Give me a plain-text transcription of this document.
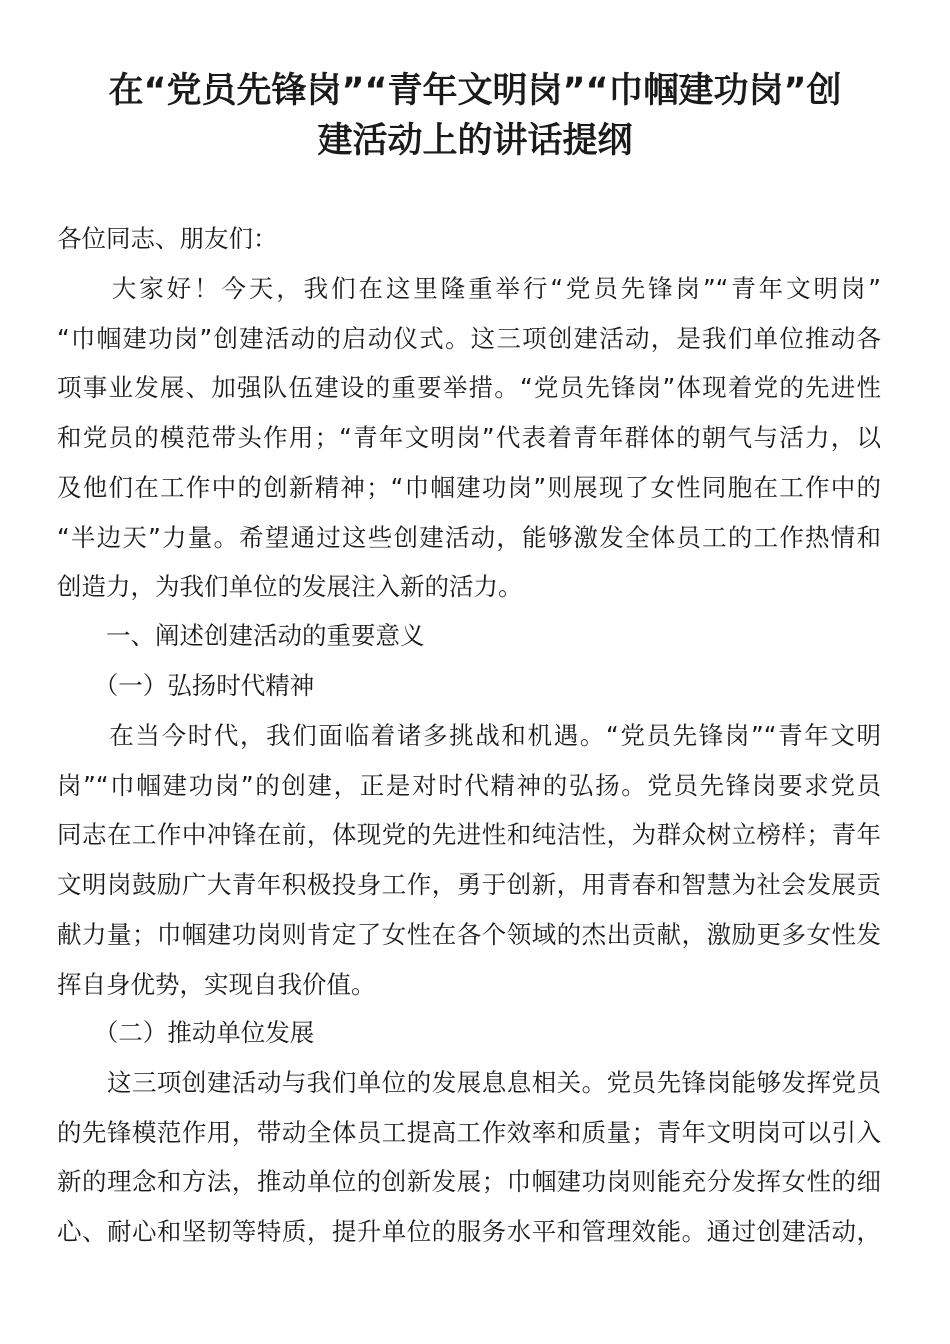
在“党员先锋岗”“青年文明岗”“巾帼建功岗”创
建活动上的讲话提纲
各位同志、朋友们：
　　大家好！今天，我们在这里隆重举行“党员先锋岗”“青年文明岗”
“巾帼建功岗”创建活动的启动仪式。这三项创建活动，是我们单位推动各
项事业发展、加强队伍建设的重要举措。“党员先锋岗”体现着党的先进性
和党员的模范带头作用；“青年文明岗”代表着青年群体的朝气与活力，以
及他们在工作中的创新精神；“巾帼建功岗”则展现了女性同胞在工作中的
“半边天”力量。希望通过这些创建活动，能够激发全体员工的工作热情和
创造力，为我们单位的发展注入新的活力。
　　一、阐述创建活动的重要意义
　　（一）弘扬时代精神
　　在当今时代，我们面临着诸多挑战和机遇。“党员先锋岗”“青年文明
岗”“巾帼建功岗”的创建，正是对时代精神的弘扬。党员先锋岗要求党员
同志在工作中冲锋在前，体现党的先进性和纯洁性，为群众树立榜样；青年
文明岗鼓励广大青年积极投身工作，勇于创新，用青春和智慧为社会发展贡
献力量；巾帼建功岗则肯定了女性在各个领域的杰出贡献，激励更多女性发
挥自身优势，实现自我价值。
　　（二）推动单位发展
　　这三项创建活动与我们单位的发展息息相关。党员先锋岗能够发挥党员
的先锋模范作用，带动全体员工提高工作效率和质量；青年文明岗可以引入
新的理念和方法，推动单位的创新发展；巾帼建功岗则能充分发挥女性的细
心、耐心和坚韧等特质，提升单位的服务水平和管理效能。通过创建活动，
